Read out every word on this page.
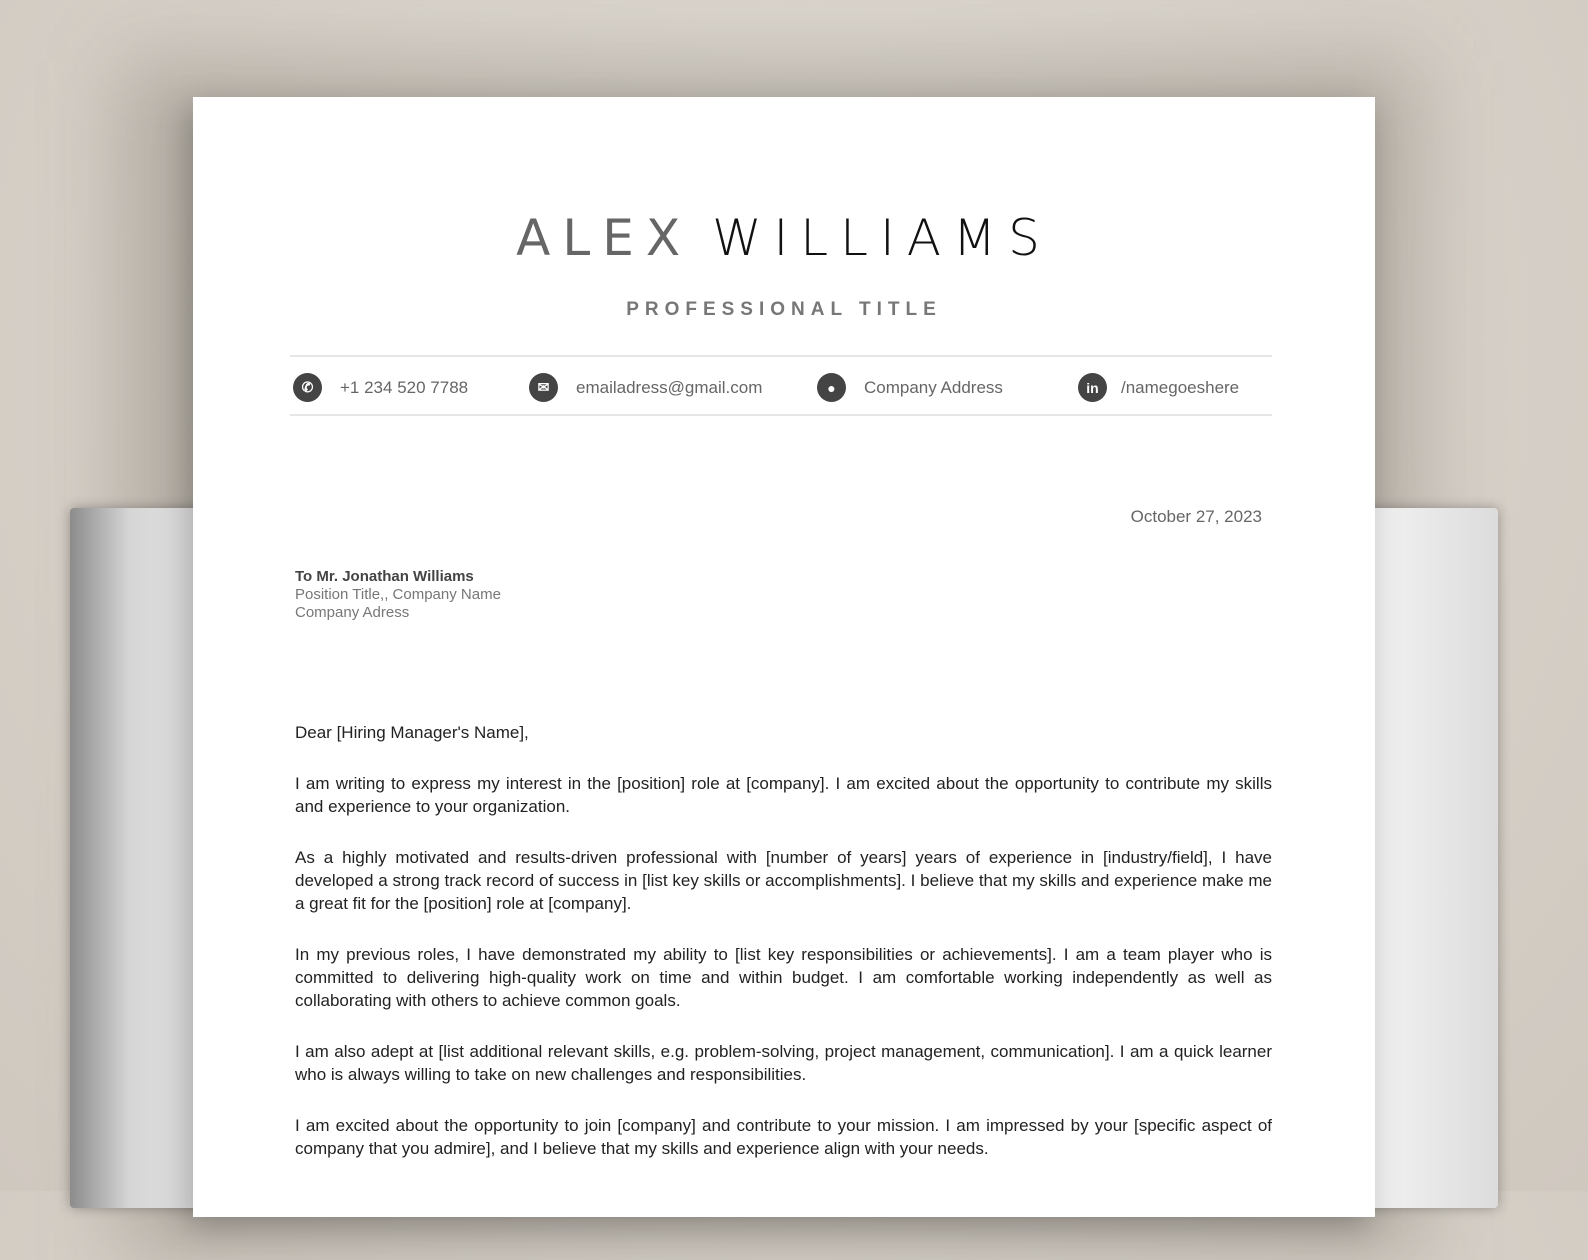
ALEX WILLIAMS
PROFESSIONAL TITLE
✆	+1 234 520 7788	✉	emailadress@gmail.com	●	Company Address	in	/namegoeshere
October 27, 2023
To Mr. Jonathan Williams
Position Title,, Company Name
Company Adress

Dear [Hiring Manager's Name],

I am writing to express my interest in the [position] role at [company]. I am excited about the opportunity to contribute my skills and experience to your organization.

As a highly motivated and results-driven professional with [number of years] years of experience in [industry/field], I have developed a strong track record of success in [list key skills or accomplishments]. I believe that my skills and experience make me a great fit for the [position] role at [company].

In my previous roles, I have demonstrated my ability to [list key responsibilities or achievements]. I am a team player who is committed to delivering high-quality work on time and within budget. I am comfortable working independently as well as collaborating with others to achieve common goals.

I am also adept at [list additional relevant skills, e.g. problem-solving, project management, communication]. I am a quick learner who is always willing to take on new challenges and responsibilities.

I am excited about the opportunity to join [company] and contribute to your mission. I am impressed by your [specific aspect of company that you admire], and I believe that my skills and experience align with your needs.
